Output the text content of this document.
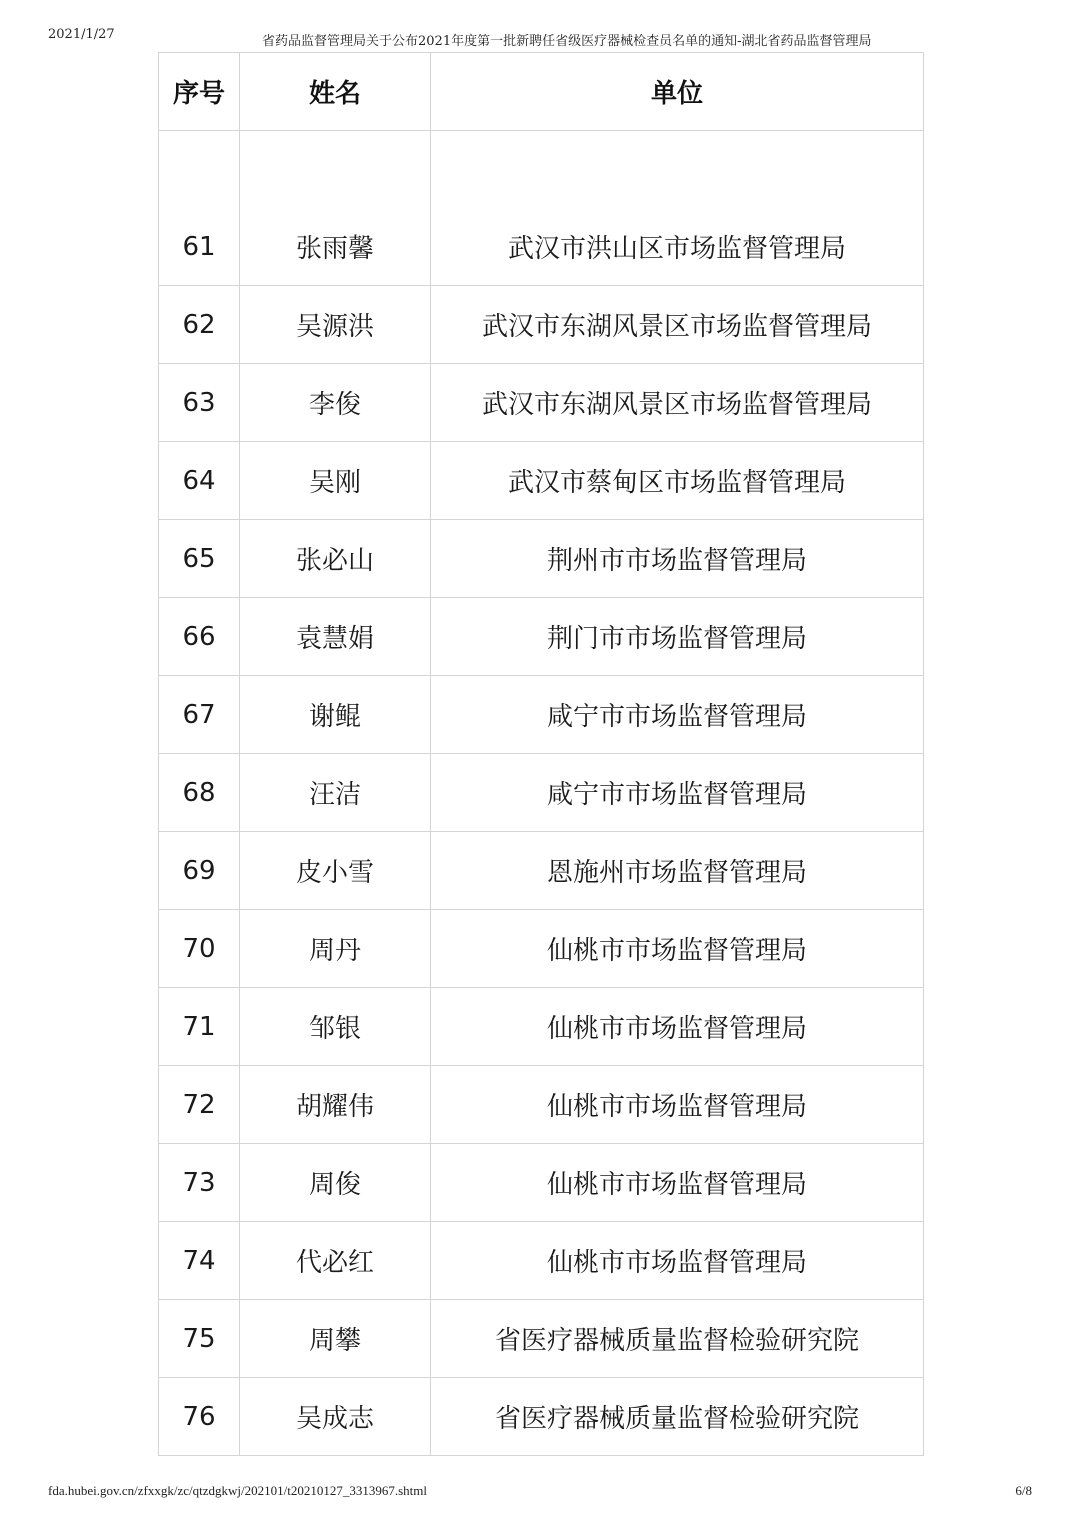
2021/1/27	省药品监督管理局关于公布2021年度第一批新聘任省级医疗器械检查员名单的通知-湖北省药品监督管理局
序号	姓名	单位

61	张雨馨	武汉市洪山区市场监督管理局
62	吴源洪	武汉市东湖风景区市场监督管理局
63	李俊	武汉市东湖风景区市场监督管理局
64	吴刚	武汉市蔡甸区市场监督管理局
65	张必山	荆州市市场监督管理局
66	袁慧娟	荆门市市场监督管理局
67	谢鲲	咸宁市市场监督管理局
68	汪洁	咸宁市市场监督管理局
69	皮小雪	恩施州市场监督管理局
70	周丹	仙桃市市场监督管理局
71	邹银	仙桃市市场监督管理局
72	胡耀伟	仙桃市市场监督管理局
73	周俊	仙桃市市场监督管理局
74	代必红	仙桃市市场监督管理局
75	周攀	省医疗器械质量监督检验研究院
76	吴成志	省医疗器械质量监督检验研究院
fda.hubei.gov.cn/zfxxgk/zc/qtzdgkwj/202101/t20210127_3313967.shtml	6/8
